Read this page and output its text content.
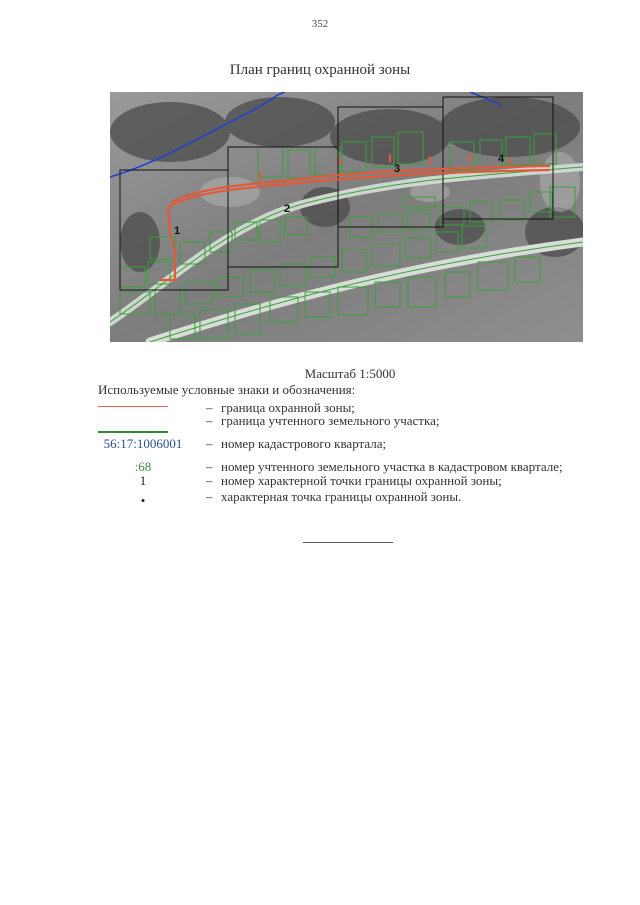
352
План границ охранной зоны
1
2
3
4
Масштаб 1:5000
Используемые условные знаки и обозначения:
– граница охранной зоны;
– граница учтенного земельного участка;
56:17:1006001	– номер кадастрового квартала;
:68	– номер учтенного земельного участка в кадастровом квартале;
1	– номер характерной точки границы охранной зоны;
•	– характерная точка границы охранной зоны.
